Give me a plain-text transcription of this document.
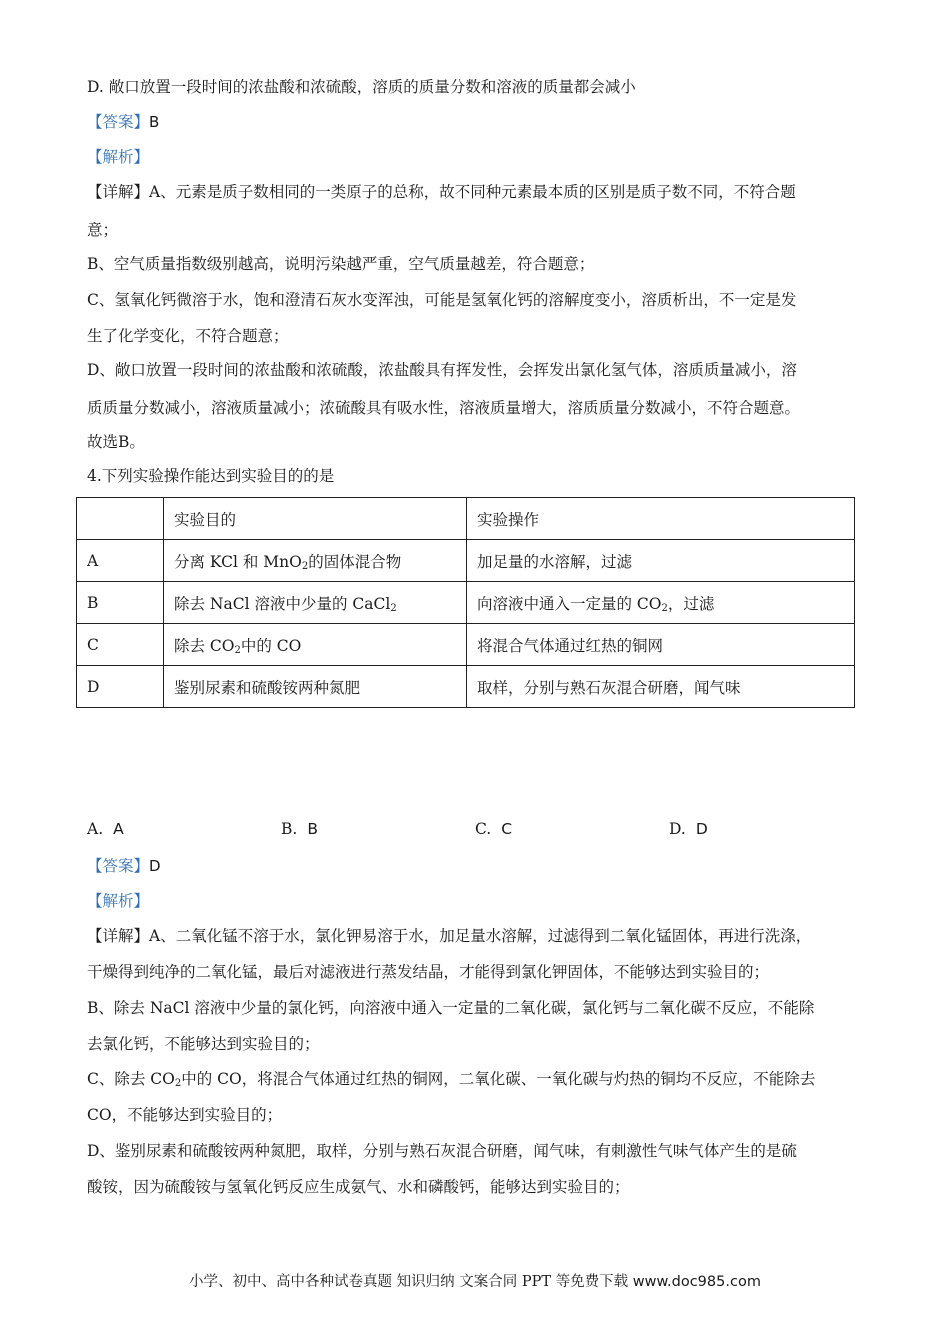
D. 敞口放置一段时间的浓盐酸和浓硫酸，溶质的质量分数和溶液的质量都会减小
【答案】B
【解析】
【详解】A、元素是质子数相同的一类原子的总称，故不同种元素最本质的区别是质子数不同，不符合题
意；
B、空气质量指数级别越高，说明污染越严重，空气质量越差，符合题意；
C、氢氧化钙微溶于水，饱和澄清石灰水变浑浊，可能是氢氧化钙的溶解度变小，溶质析出，不一定是发
生了化学变化，不符合题意；
D、敞口放置一段时间的浓盐酸和浓硫酸，浓盐酸具有挥发性，会挥发出氯化氢气体，溶质质量减小，溶
质质量分数减小，溶液质量减小；浓硫酸具有吸水性，溶液质量增大，溶质质量分数减小，不符合题意。
故选B。
4.下列实验操作能达到实验目的的是
	实验目的	实验操作
A	分离 KCl 和 MnO$_2$的固体混合物	加足量的水溶解，过滤
B	除去 NaCl 溶液中少量的 CaCl$_2$	向溶液中通入一定量的 $CO_2$，过滤
C	除去 $CO_2$中的 CO	将混合气体通过红热的铜网
D	鉴别尿素和硫酸铵两种氮肥	取样，分别与熟石灰混合研磨，闻气味
A. A	B. B	C. C	D. D
【答案】D
【解析】
【详解】A、二氧化锰不溶于水，氯化钾易溶于水，加足量水溶解，过滤得到二氧化锰固体，再进行洗涤，
干燥得到纯净的二氧化锰，最后对滤液进行蒸发结晶，才能得到氯化钾固体，不能够达到实验目的；
B、除去 NaCl 溶液中少量的氯化钙，向溶液中通入一定量的二氧化碳，氯化钙与二氧化碳不反应，不能除
去氯化钙，不能够达到实验目的；
C、除去 $CO_2$中的 CO，将混合气体通过红热的铜网，二氧化碳、一氧化碳与灼热的铜均不反应，不能除去
CO，不能够达到实验目的；
D、鉴别尿素和硫酸铵两种氮肥，取样，分别与熟石灰混合研磨，闻气味，有刺激性气味气体产生的是硫
酸铵，因为硫酸铵与氢氧化钙反应生成氨气、水和磷酸钙，能够达到实验目的；
小学、初中、高中各种试卷真题 知识归纳 文案合同 PPT 等免费下载 www.doc985.com
